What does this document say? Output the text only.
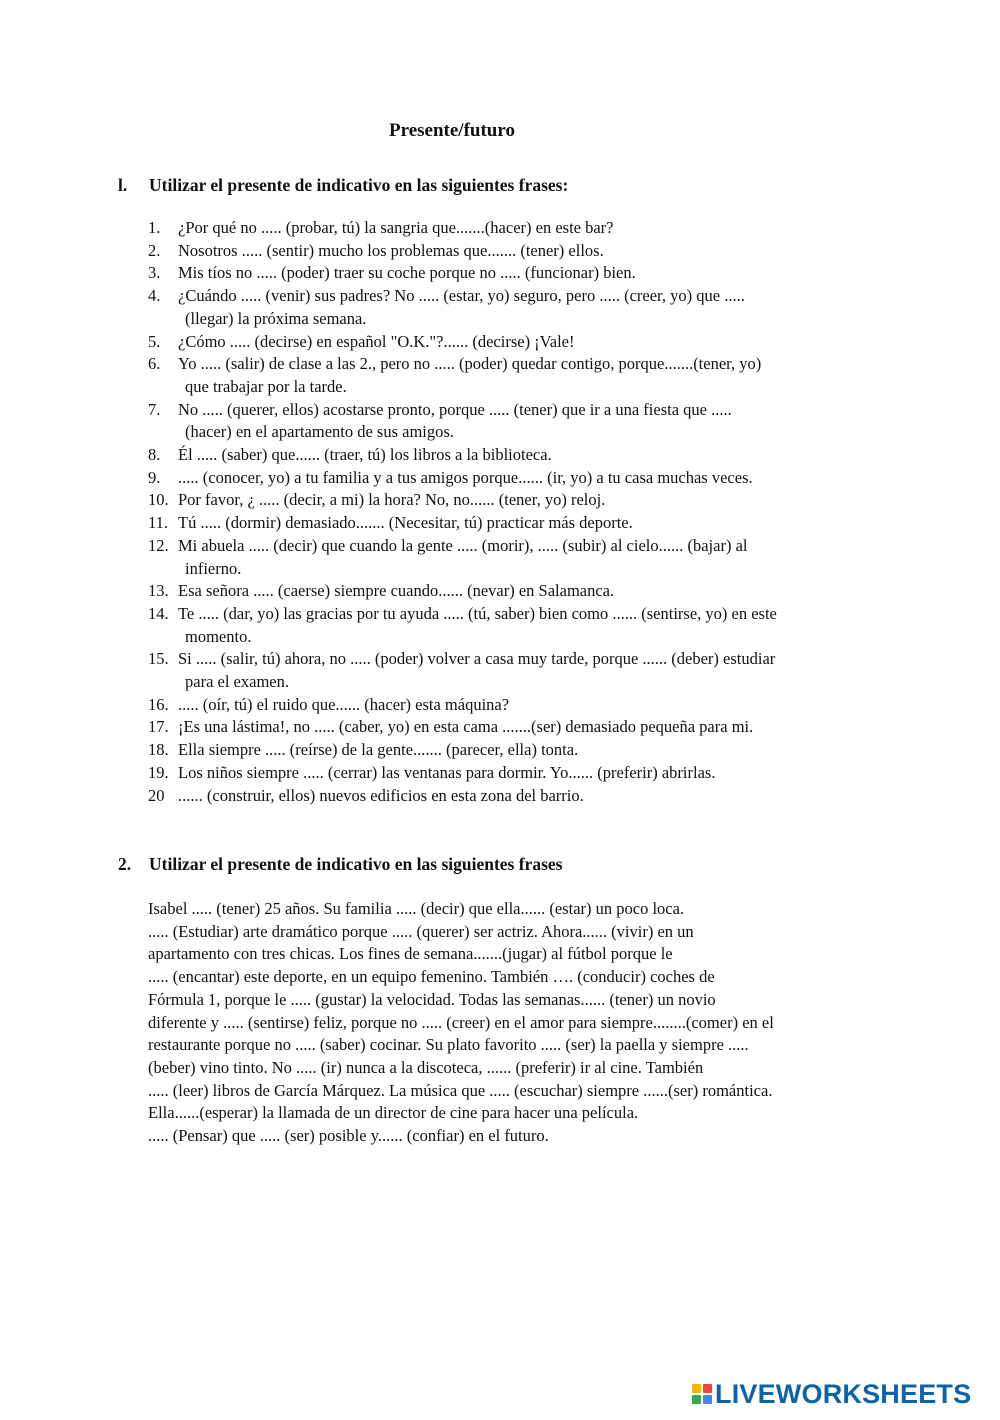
Presente/futuro
l. Utilizar el presente de indicativo en las siguientes frases:
1. ¿Por qué no ..... (probar, tú) la sangria que.......(hacer) en este bar?
2. Nosotros ..... (sentir) mucho los problemas que....... (tener) ellos.
3. Mis tíos no ..... (poder) traer su coche porque no ..... (funcionar) bien.
4. ¿Cuándo ..... (venir) sus padres? No ..... (estar, yo) seguro, pero ..... (creer, yo) que .....
(llegar) la próxima semana.
5. ¿Cómo ..... (decirse) en español "O.K."?...... (decirse) ¡Vale!
6. Yo ..... (salir) de clase a las 2., pero no ..... (poder) quedar contigo, porque.......(tener, yo)
que trabajar por la tarde.
7. No ..... (querer, ellos) acostarse pronto, porque ..... (tener) que ir a una fiesta que .....
(hacer) en el apartamento de sus amigos.
8. Él ..... (saber) que...... (traer, tú) los libros a la biblioteca.
9. ..... (conocer, yo) a tu familia y a tus amigos porque...... (ir, yo) a tu casa muchas veces.
10. Por favor, ¿ ..... (decir, a mi) la hora? No, no...... (tener, yo) reloj.
11. Tú ..... (dormir) demasiado....... (Necesitar, tú) practicar más deporte.
12. Mi abuela ..... (decir) que cuando la gente ..... (morir), ..... (subir) al cielo...... (bajar) al
infierno.
13. Esa señora ..... (caerse) siempre cuando...... (nevar) en Salamanca.
14. Te ..... (dar, yo) las gracias por tu ayuda ..... (tú, saber) bien como ...... (sentirse, yo) en este
momento.
15. Si ..... (salir, tú) ahora, no ..... (poder) volver a casa muy tarde, porque ...... (deber) estudiar
para el examen.
16. ..... (oír, tú) el ruido que...... (hacer) esta máquina?
17. ¡Es una lástima!, no ..... (caber, yo) en esta cama .......(ser) demasiado pequeña para mi.
18. Ella siempre ..... (reírse) de la gente....... (parecer, ella) tonta.
19. Los niños siempre ..... (cerrar) las ventanas para dormir. Yo...... (preferir) abrirlas.
20 ...... (construir, ellos) nuevos edificios en esta zona del barrio.
2. Utilizar el presente de indicativo en las siguientes frases
Isabel ..... (tener) 25 años. Su familia ..... (decir) que ella...... (estar) un poco loca.
..... (Estudiar) arte dramático porque ..... (querer) ser actriz. Ahora...... (vivir) en un
apartamento con tres chicas. Los fines de semana.......(jugar) al fútbol porque le
..... (encantar) este deporte, en un equipo femenino. También …. (conducir) coches de
Fórmula 1, porque le ..... (gustar) la velocidad. Todas las semanas...... (tener) un novio
diferente y ..... (sentirse) feliz, porque no ..... (creer) en el amor para siempre........(comer) en el
restaurante porque no ..... (saber) cocinar. Su plato favorito ..... (ser) la paella y siempre .....
(beber) vino tinto. No ..... (ir) nunca a la discoteca, ...... (preferir) ir al cine. También
..... (leer) libros de García Márquez. La música que ..... (escuchar) siempre ......(ser) romántica.
Ella......(esperar) la llamada de un director de cine para hacer una película.
..... (Pensar) que ..... (ser) posible y...... (confiar) en el futuro.
LIVEWORKSHEETS
